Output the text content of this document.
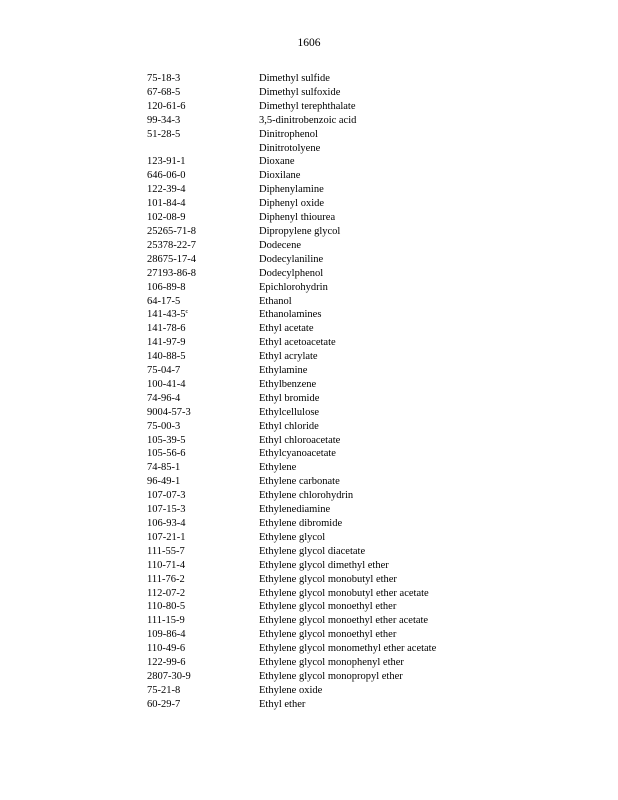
1606
75-18-3	Dimethyl sulfide
67-68-5	Dimethyl sulfoxide
120-61-6	Dimethyl terephthalate
99-34-3	3,5-dinitrobenzoic acid
51-28-5	Dinitrophenol
Dinitrotolyene
123-91-1	Dioxane
646-06-0	Dioxilane
122-39-4	Diphenylamine
101-84-4	Diphenyl oxide
102-08-9	Diphenyl thiourea
25265-71-8	Dipropylene glycol
25378-22-7	Dodecene
28675-17-4	Dodecylaniline
27193-86-8	Dodecylphenol
106-89-8	Epichlorohydrin
64-17-5	Ethanol
141-43-5$^c$	Ethanolamines
141-78-6	Ethyl acetate
141-97-9	Ethyl acetoacetate
140-88-5	Ethyl acrylate
75-04-7	Ethylamine
100-41-4	Ethylbenzene
74-96-4	Ethyl bromide
9004-57-3	Ethylcellulose
75-00-3	Ethyl chloride
105-39-5	Ethyl chloroacetate
105-56-6	Ethylcyanoacetate
74-85-1	Ethylene
96-49-1	Ethylene carbonate
107-07-3	Ethylene chlorohydrin
107-15-3	Ethylenediamine
106-93-4	Ethylene dibromide
107-21-1	Ethylene glycol
111-55-7	Ethylene glycol diacetate
110-71-4	Ethylene glycol dimethyl ether
111-76-2	Ethylene glycol monobutyl ether
112-07-2	Ethylene glycol monobutyl ether acetate
110-80-5	Ethylene glycol monoethyl ether
111-15-9	Ethylene glycol monoethyl ether acetate
109-86-4	Ethylene glycol monoethyl ether
110-49-6	Ethylene glycol monomethyl ether acetate
122-99-6	Ethylene glycol monophenyl ether
2807-30-9	Ethylene glycol monopropyl ether
75-21-8	Ethylene oxide
60-29-7	Ethyl ether
